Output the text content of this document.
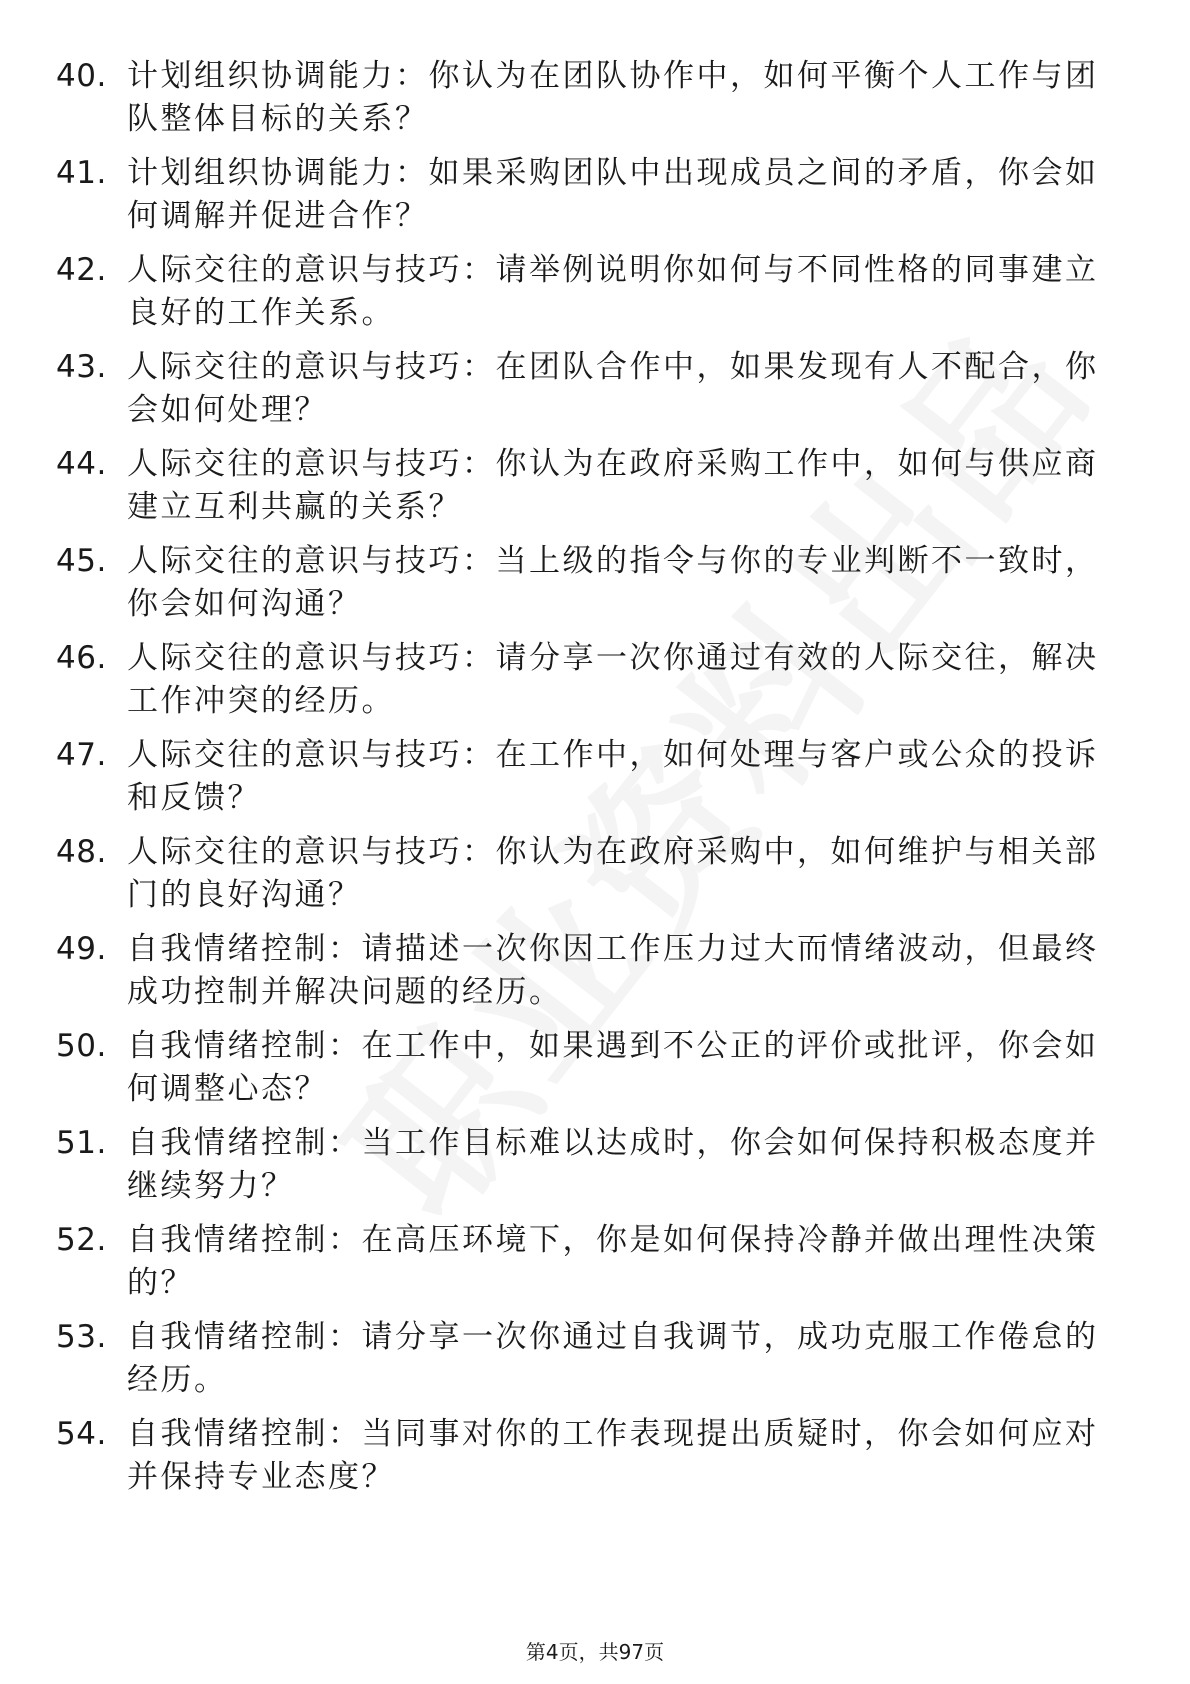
40. 计划组织协调能力：你认为在团队协作中，如何平衡个人工作与团队整体目标的关系？
41. 计划组织协调能力：如果采购团队中出现成员之间的矛盾，你会如何调解并促进合作？
42. 人际交往的意识与技巧：请举例说明你如何与不同性格的同事建立良好的工作关系。
43. 人际交往的意识与技巧：在团队合作中，如果发现有人不配合，你会如何处理？
44. 人际交往的意识与技巧：你认为在政府采购工作中，如何与供应商建立互利共赢的关系？
45. 人际交往的意识与技巧：当上级的指令与你的专业判断不一致时，你会如何沟通？
46. 人际交往的意识与技巧：请分享一次你通过有效的人际交往，解决工作冲突的经历。
47. 人际交往的意识与技巧：在工作中，如何处理与客户或公众的投诉和反馈？
48. 人际交往的意识与技巧：你认为在政府采购中，如何维护与相关部门的良好沟通？
49. 自我情绪控制：请描述一次你因工作压力过大而情绪波动，但最终成功控制并解决问题的经历。
50. 自我情绪控制：在工作中，如果遇到不公正的评价或批评，你会如何调整心态？
51. 自我情绪控制：当工作目标难以达成时，你会如何保持积极态度并继续努力？
52. 自我情绪控制：在高压环境下，你是如何保持冷静并做出理性决策的？
53. 自我情绪控制：请分享一次你通过自我调节，成功克服工作倦怠的经历。
54. 自我情绪控制：当同事对你的工作表现提出质疑时，你会如何应对并保持专业态度？
第4页，共97页
